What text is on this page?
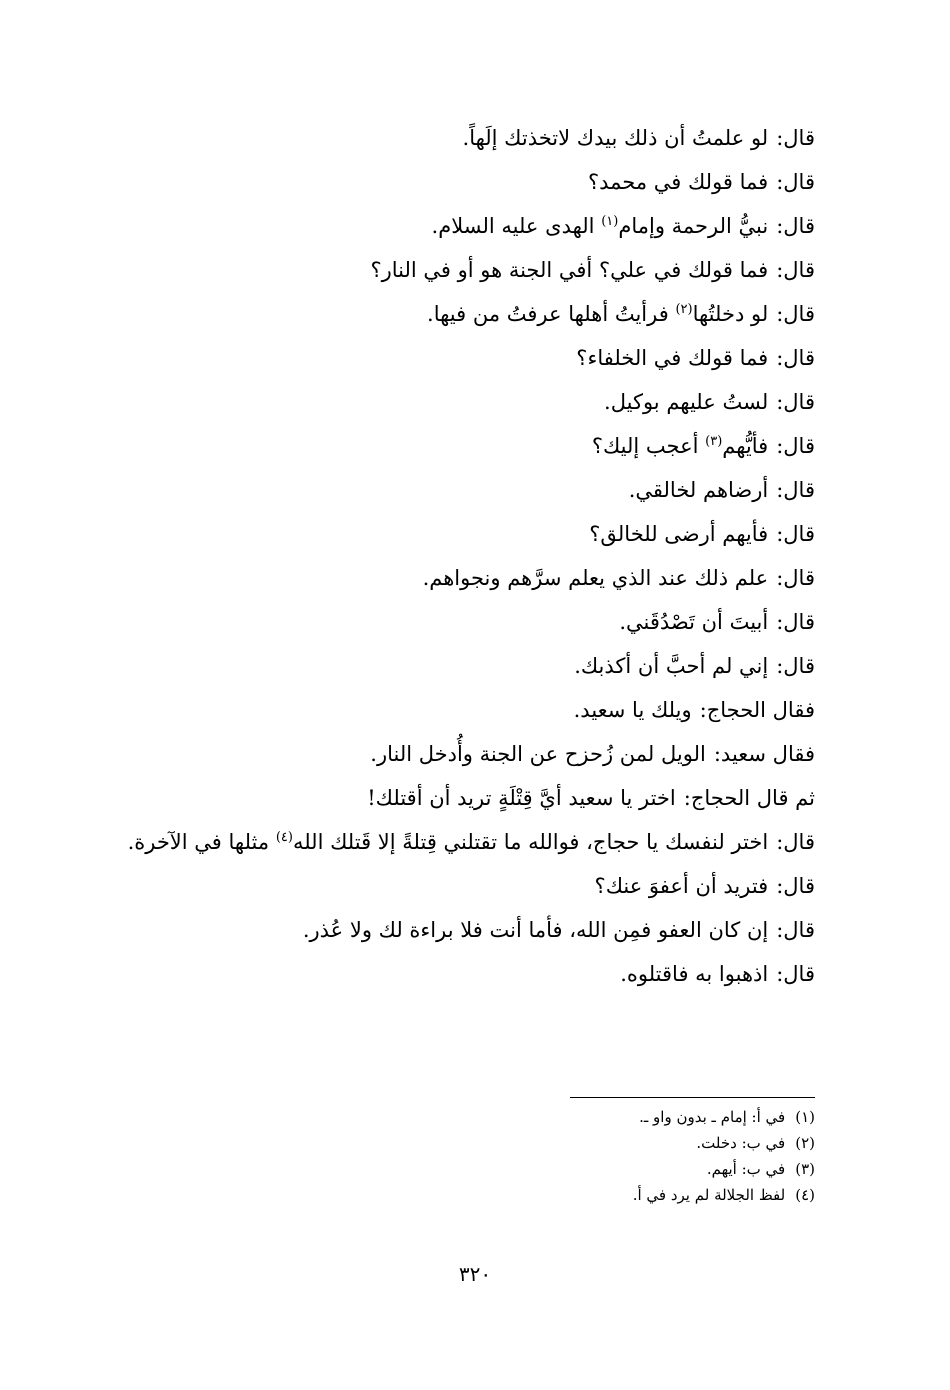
قال:لو علمتُ أن ذلك بيدك لاتخذتك إلَهاً.
قال:فما قولك في محمد؟
قال:نبيُّ الرحمة وإمام$^{(١)}$ الهدى عليه السلام.
قال:فما قولك في علي؟ أفي الجنة هو أو في النار؟
قال:لو دخلتُها$^{(٢)}$ فرأيتُ أهلها عرفتُ من فيها.
قال:فما قولك في الخلفاء؟
قال:لستُ عليهم بوكيل.
قال:فأيُّهم$^{(٣)}$ أعجب إليك؟
قال:أرضاهم لخالقي.
قال:فأيهم أرضى للخالق؟
قال:علم ذلك عند الذي يعلم سرَّهم ونجواهم.
قال:أبيتَ أن تَصْدُقَني.
قال:إني لم أحبَّ أن أكذبك.
فقال الحجاج:ويلك يا سعيد.
فقال سعيد:الويل لمن زُحزح عن الجنة وأُدخل النار.
ثم قال الحجاج:اختر يا سعيد أيَّ قِتْلَةٍ تريد أن أقتلك!
قال:اختر لنفسك يا حجاج، فوالله ما تقتلني قِتلةً إلا قَتلك الله$^{(٤)}$ مثلها في الآخرة.
قال:فتريد أن أعفوَ عنك؟
قال:إن كان العفو فمِن الله، فأما أنت فلا براءة لك ولا عُذر.
قال:اذهبوا به فاقتلوه.
(١)في أ: إمام ـ بدون واو ـ.
(٢)في ب: دخلت.
(٣)في ب: أيهم.
(٤)لفظ الجلالة لم يرد في أ.
٣٢٠
